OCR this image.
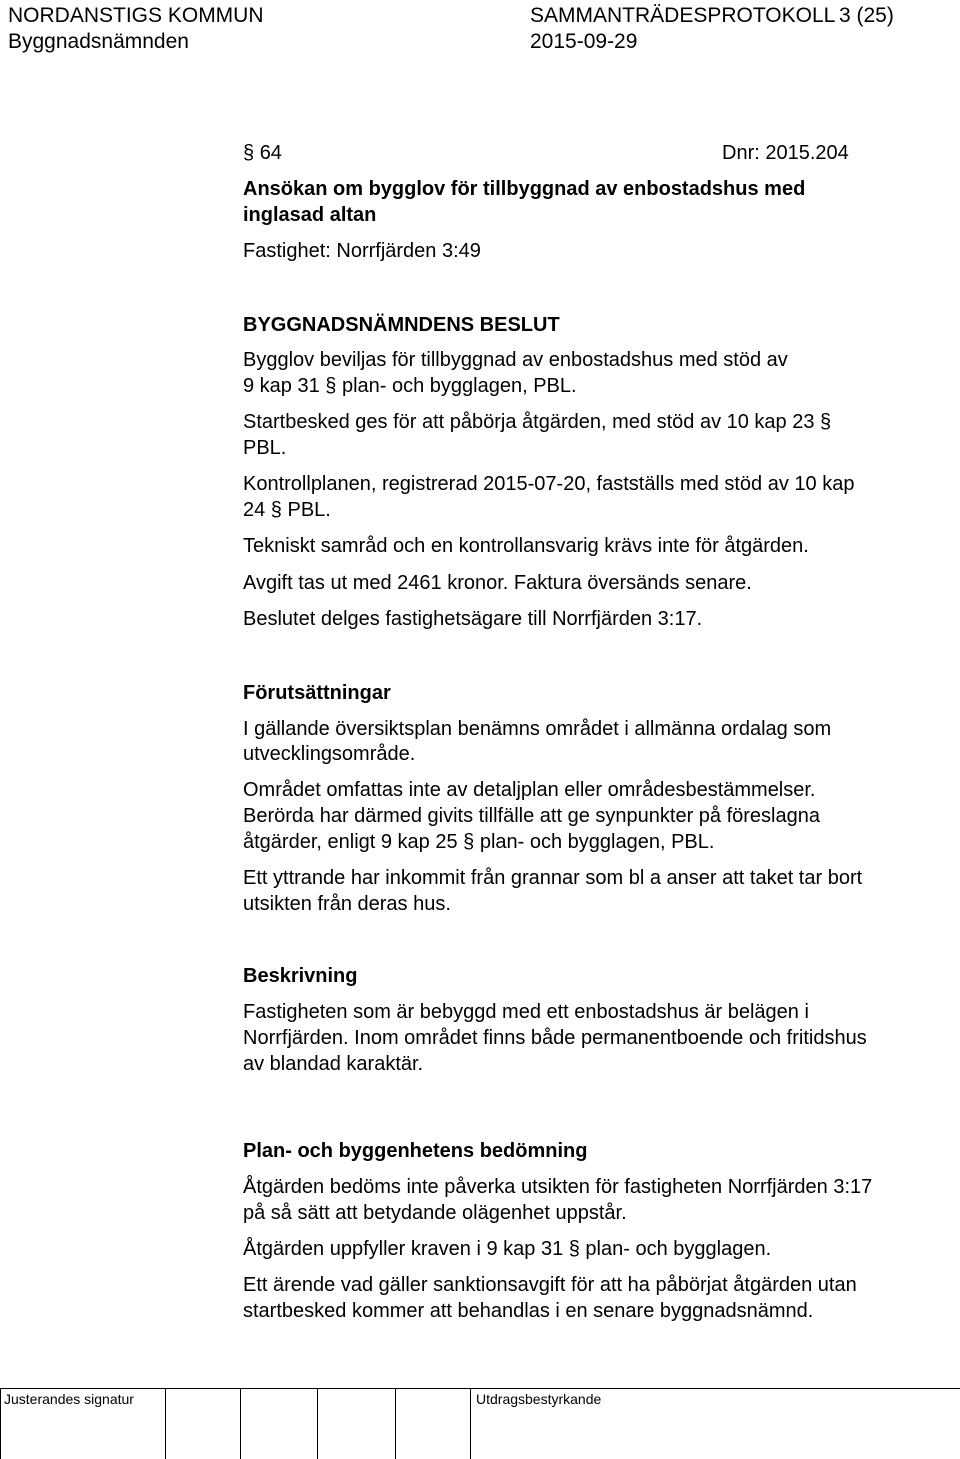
NORDANSTIGS KOMMUN	SAMMANTRÄDESPROTOKOLL 3 (25)
Byggnadsnämnden	2015-09-29
§ 64	Dnr: 2015.204
Ansökan om bygglov för tillbyggnad av enbostadshus med
inglasad altan
Fastighet: Norrfjärden 3:49
BYGGNADSNÄMNDENS BESLUT
Bygglov beviljas för tillbyggnad av enbostadshus med stöd av
9 kap 31 § plan- och bygglagen, PBL.
Startbesked ges för att påbörja åtgärden, med stöd av 10 kap 23 §
PBL.
Kontrollplanen, registrerad 2015-07-20, fastställs med stöd av 10 kap
24 § PBL.
Tekniskt samråd och en kontrollansvarig krävs inte för åtgärden.
Avgift tas ut med 2461 kronor. Faktura översänds senare.
Beslutet delges fastighetsägare till Norrfjärden 3:17.
Förutsättningar
I gällande översiktsplan benämns området i allmänna ordalag som
utvecklingsområde.
Området omfattas inte av detaljplan eller områdesbestämmelser.
Berörda har därmed givits tillfälle att ge synpunkter på föreslagna
åtgärder, enligt 9 kap 25 § plan- och bygglagen, PBL.
Ett yttrande har inkommit från grannar som bl a anser att taket tar bort
utsikten från deras hus.
Beskrivning
Fastigheten som är bebyggd med ett enbostadshus är belägen i
Norrfjärden. Inom området finns både permanentboende och fritidshus
av blandad karaktär.
Plan- och byggenhetens bedömning
Åtgärden bedöms inte påverka utsikten för fastigheten Norrfjärden 3:17
på så sätt att betydande olägenhet uppstår.
Åtgärden uppfyller kraven i 9 kap 31 § plan- och bygglagen.
Ett ärende vad gäller sanktionsavgift för att ha påbörjat åtgärden utan
startbesked kommer att behandlas i en senare byggnadsnämnd.
Justerandes signatur	Utdragsbestyrkande
